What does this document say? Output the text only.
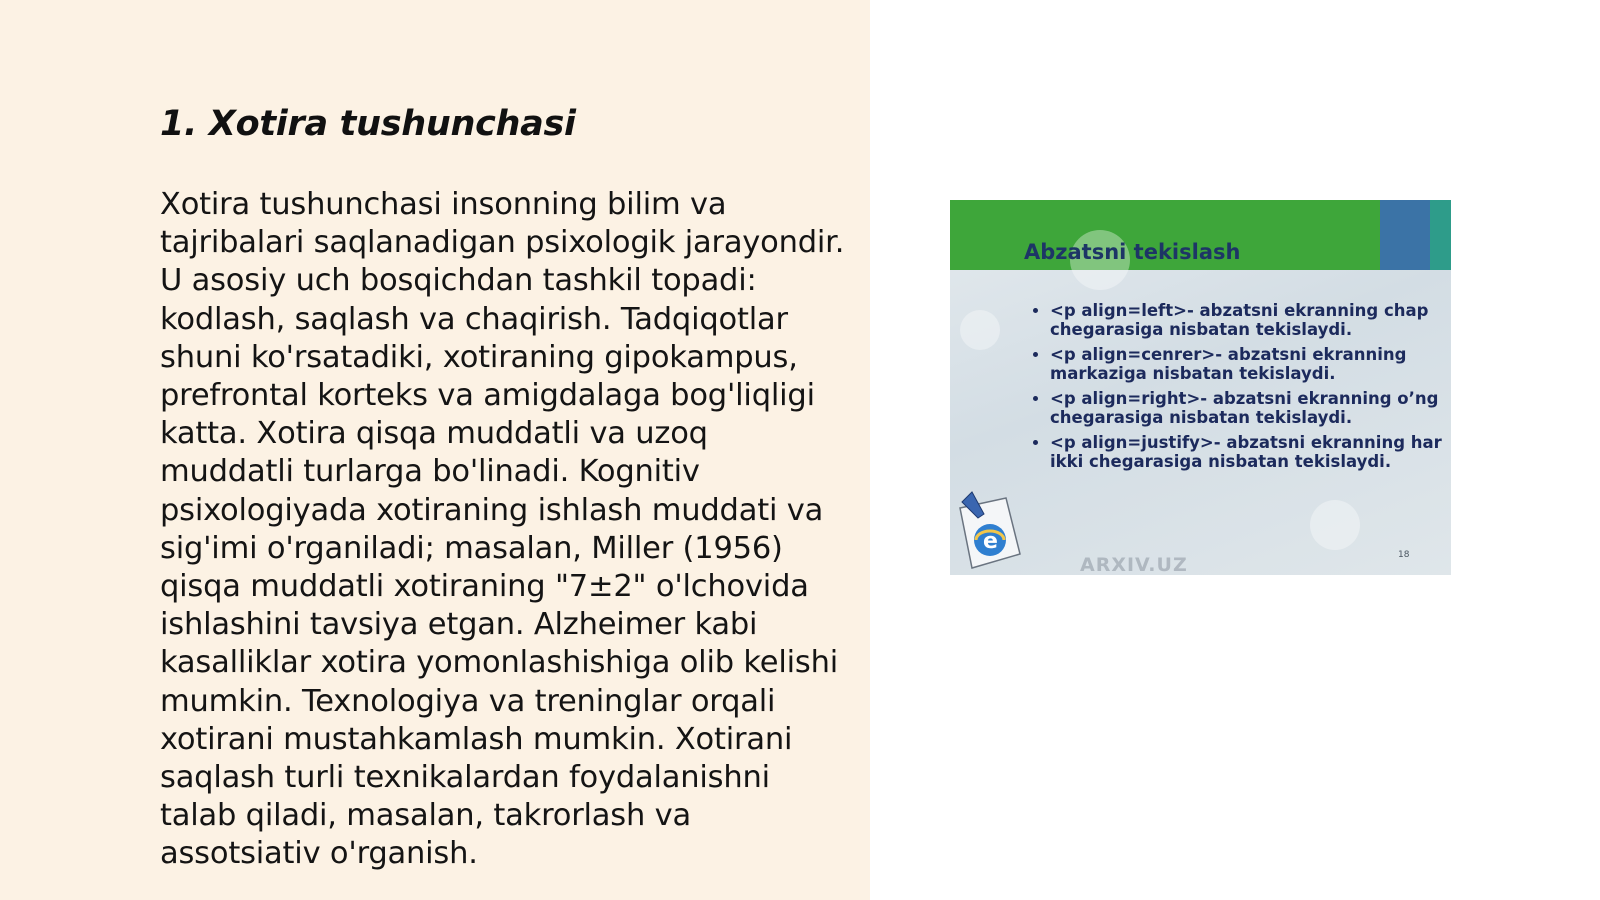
1. Xotira tushunchasi

Xotira tushunchasi insonning bilim va tajribalari saqlanadigan psixologik jarayondir. U asosiy uch bosqichdan tashkil topadi: kodlash, saqlash va chaqirish. Tadqiqotlar shuni ko'rsatadiki, xotiraning gipokampus, prefrontal korteks va amigdalaga bog'liqligi katta. Xotira qisqa muddatli va uzoq muddatli turlarga bo'linadi. Kognitiv psixologiyada xotiraning ishlash muddati va sig'imi o'rganiladi; masalan, Miller (1956) qisqa muddatli xotiraning "7±2" o'lchovida ishlashini tavsiya etgan. Alzheimer kabi kasalliklar xotira yomonlashishiga olib kelishi mumkin. Texnologiya va treninglar orqali xotirani mustahkamlash mumkin. Xotirani saqlash turli texnikalardan foydalanishni talab qiladi, masalan, takrorlash va assotsiativ o'rganish.

Abzatsni tekislash

• <p align=left>- abzatsni ekranning chap chegarasiga nisbatan tekislaydi.
• <p align=cenrer>- abzatsni ekranning markaziga nisbatan tekislaydi.
• <p align=right>- abzatsni ekranning o’ng chegarasiga nisbatan tekislaydi.
• <p align=justify>- abzatsni ekranning har ikki chegarasiga nisbatan tekislaydi.
e

ARXIV.UZ	18
